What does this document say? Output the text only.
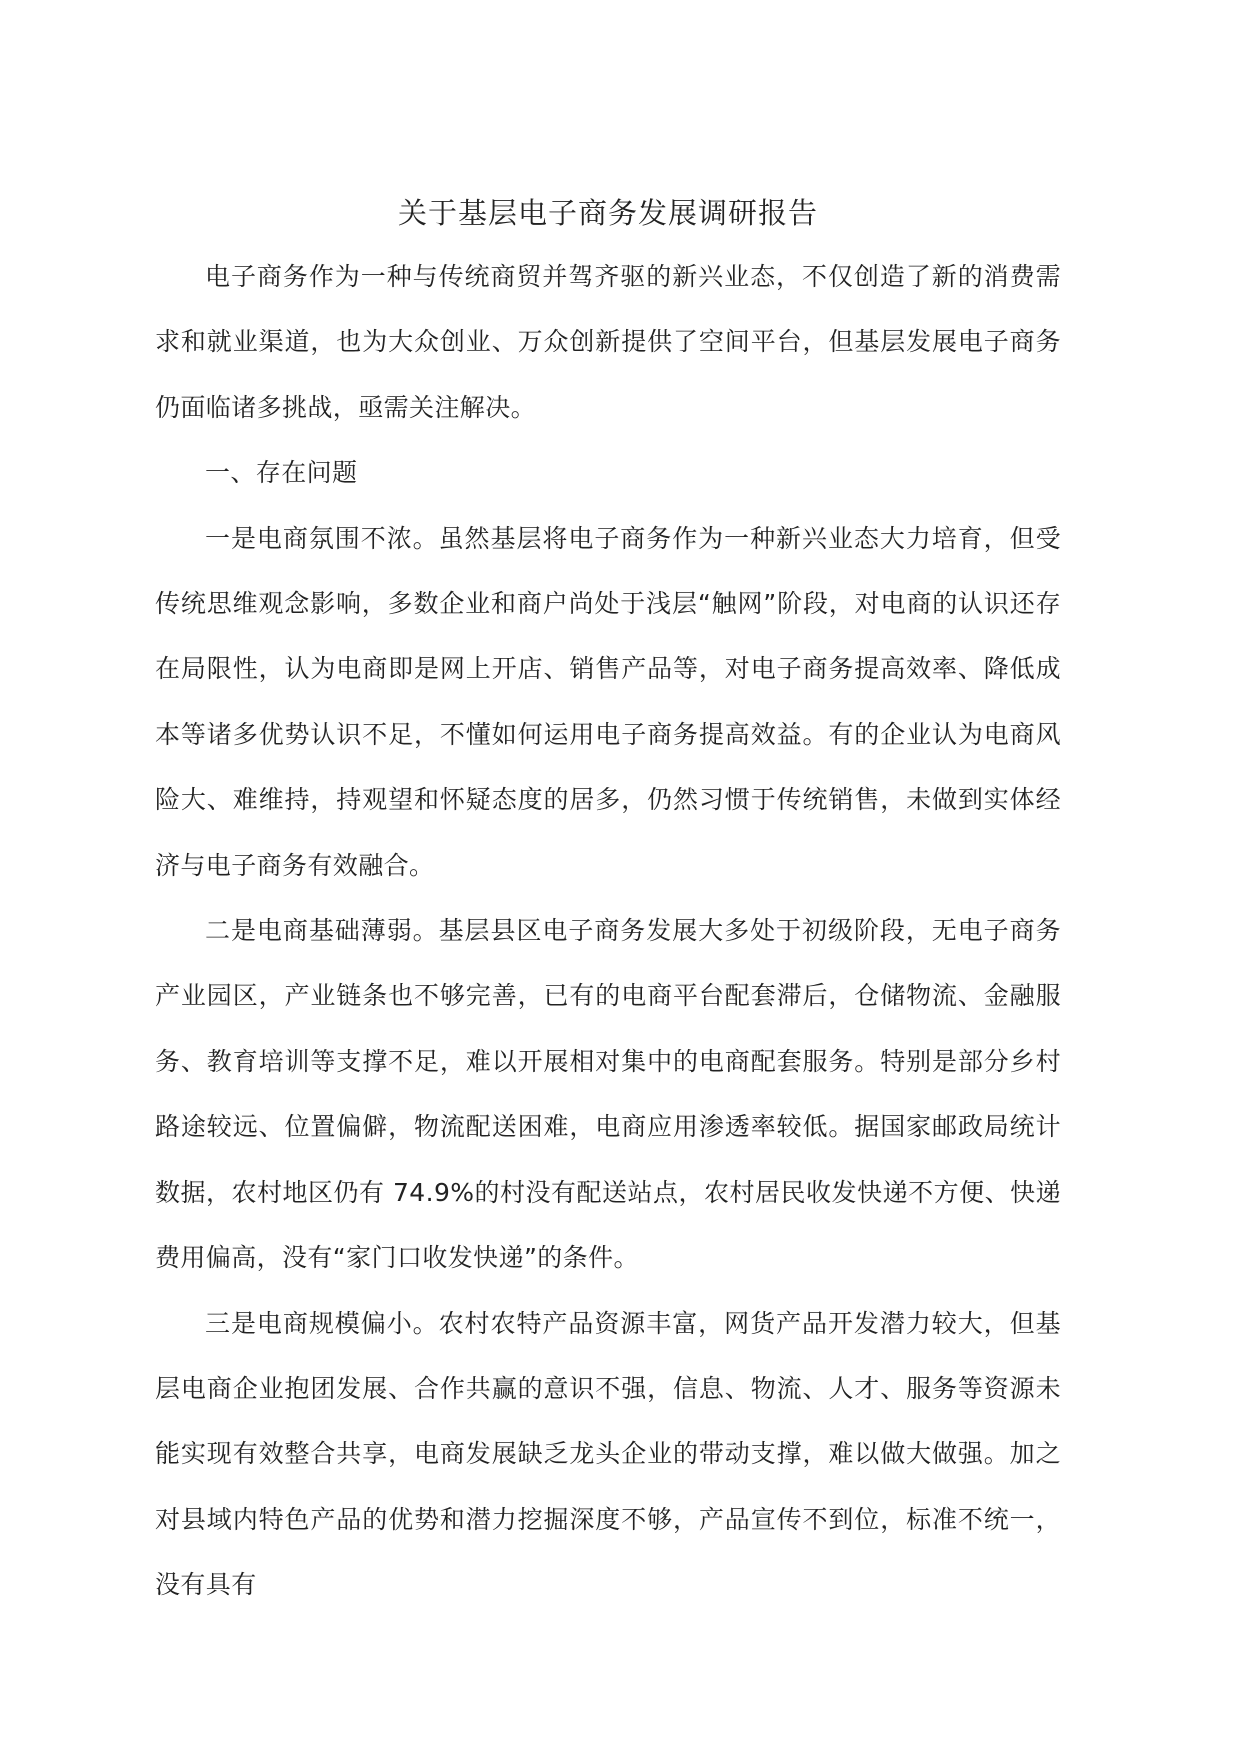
关于基层电子商务发展调研报告

电子商务作为一种与传统商贸并驾齐驱的新兴业态，不仅创造了新的消费需求和就业渠道，也为大众创业、万众创新提供了空间平台，但基层发展电子商务仍面临诸多挑战，亟需关注解决。

一、存在问题

一是电商氛围不浓。虽然基层将电子商务作为一种新兴业态大力培育，但受传统思维观念影响，多数企业和商户尚处于浅层“触网”阶段，对电商的认识还存在局限性，认为电商即是网上开店、销售产品等，对电子商务提高效率、降低成本等诸多优势认识不足，不懂如何运用电子商务提高效益。有的企业认为电商风险大、难维持，持观望和怀疑态度的居多，仍然习惯于传统销售，未做到实体经济与电子商务有效融合。

二是电商基础薄弱。基层县区电子商务发展大多处于初级阶段，无电子商务产业园区，产业链条也不够完善，已有的电商平台配套滞后，仓储物流、金融服务、教育培训等支撑不足，难以开展相对集中的电商配套服务。特别是部分乡村路途较远、位置偏僻，物流配送困难，电商应用渗透率较低。据国家邮政局统计数据，农村地区仍有 74.9%的村没有配送站点，农村居民收发快递不方便、快递费用偏高，没有“家门口收发快递”的条件。

三是电商规模偏小。农村农特产品资源丰富，网货产品开发潜力较大，但基层电商企业抱团发展、合作共赢的意识不强，信息、物流、人才、服务等资源未能实现有效整合共享，电商发展缺乏龙头企业的带动支撑，难以做大做强。加之对县域内特色产品的优势和潜力挖掘深度不够，产品宣传不到位，标准不统一，没有具有
